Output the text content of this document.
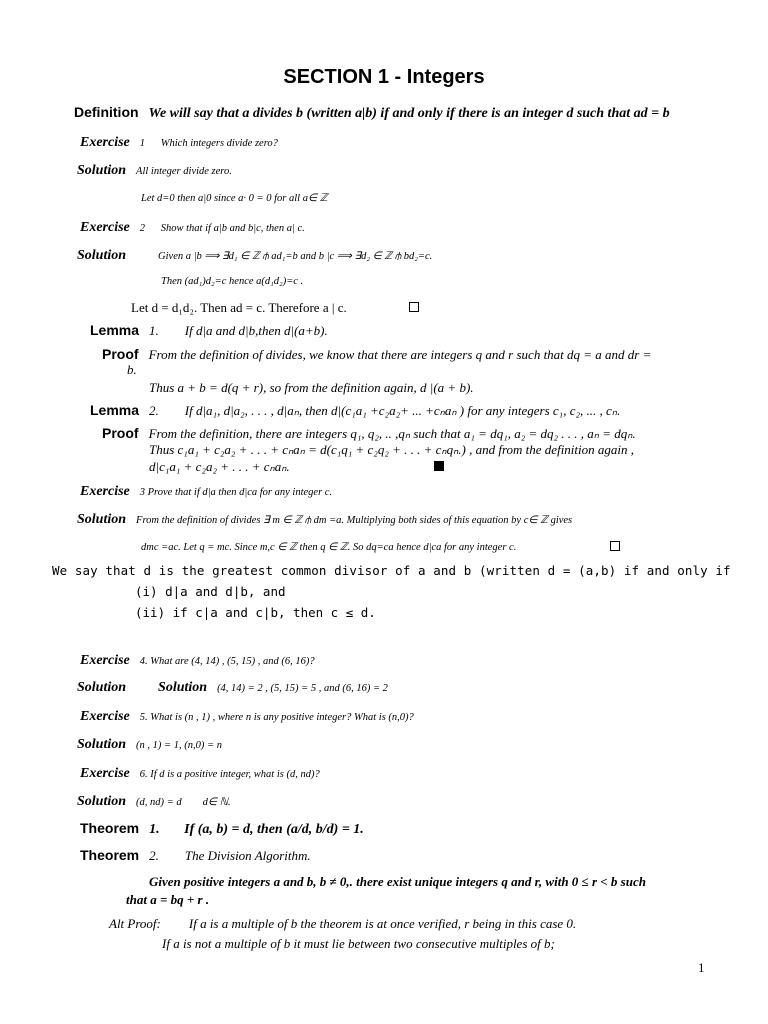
SECTION 1 - Integers
Definition We will say that a divides b (written a|b) if and only if there is an integer d such that ad = b
Exercise 1      Which integers divide zero?
Solution All integer divide zero.
Let d=0 then a|0 since a· 0 = 0 for all a∈ ℤ
Exercise 2      Show that if a|b and b|c, then a| c.
Solution	Given a |b ⟹ ∃d₁ ∈ ℤ ⫛ ad₁=b and b |c ⟹ ∃d₂ ∈ ℤ ⫛ bd₂=c.
Then (ad₁)d₂=c hence a(d₁d₂)=c .
Let d = d₁d₂. Then ad = c. Therefore a | c.
Lemma 1.        If d|a and d|b,then d|(a+b).
Proof From the definition of divides, we know that there are integers q and r such that dq = a and dr =
b.
Thus a + b = d(q + r), so from the definition again, d |(a + b).
Lemma 2.        If d|a₁, d|a₂, . . . , d|aₙ, then d|(c₁a₁ +c₂a₂+ ... +cₙaₙ ) for any integers c₁, c₂, ... , cₙ.
Proof From the definition, there are integers q₁, q₂, .. ,qₙ such that a₁ = dq₁, a₂ = dq₂ . . . , aₙ = dqₙ.
Thus c₁a₁ + c₂a₂ + . . . + cₙaₙ = d(c₁q₁ + c₂q₂ + . . . + cₙqₙ.) , and from the definition again ,
d|c₁a₁ + c₂a₂ + . . . + cₙaₙ.
Exercise 3 Prove that if d|a then d|ca for any integer c.
Solution From the definition of divides ∃ m ∈ ℤ ⫛ dm =a. Multiplying both sides of this equation by c∈ ℤ gives
dmc =ac. Let q = mc. Since m,c ∈ ℤ then q ∈ ℤ. So dq=ca hence d|ca for any integer c.
We say that d is the greatest common divisor of a and b (written d = (a,b) if and only if
(i) d|a and d|b, and
(ii) if c|a and c|b, then c ≤ d.
Exercise 4. What are (4, 14) , (5, 15) , and (6, 16)?
Solution Solution (4, 14) = 2 , (5, 15) = 5 , and (6, 16) = 2
Exercise 5. What is (n , 1) , where n is any positive integer? What is (n,0)?
Solution (n , 1) = 1, (n,0) = n
Exercise 6. If d is a positive integer, what is (d, nd)?
Solution (d, nd) = d        d∈ ℕ.
Theorem 1.       If (a, b) = d, then (a/d, b/d) = 1.
Theorem 2.        The Division Algorithm.
Given positive integers a and b, b ≠ 0,. there exist unique integers q and r, with 0 ≤ r < b such
that a = bq + r .
Alt Proof: If a is a multiple of b the theorem is at once verified, r being in this case 0.
If a is not a multiple of b it must lie between two consecutive multiples of b;
1
